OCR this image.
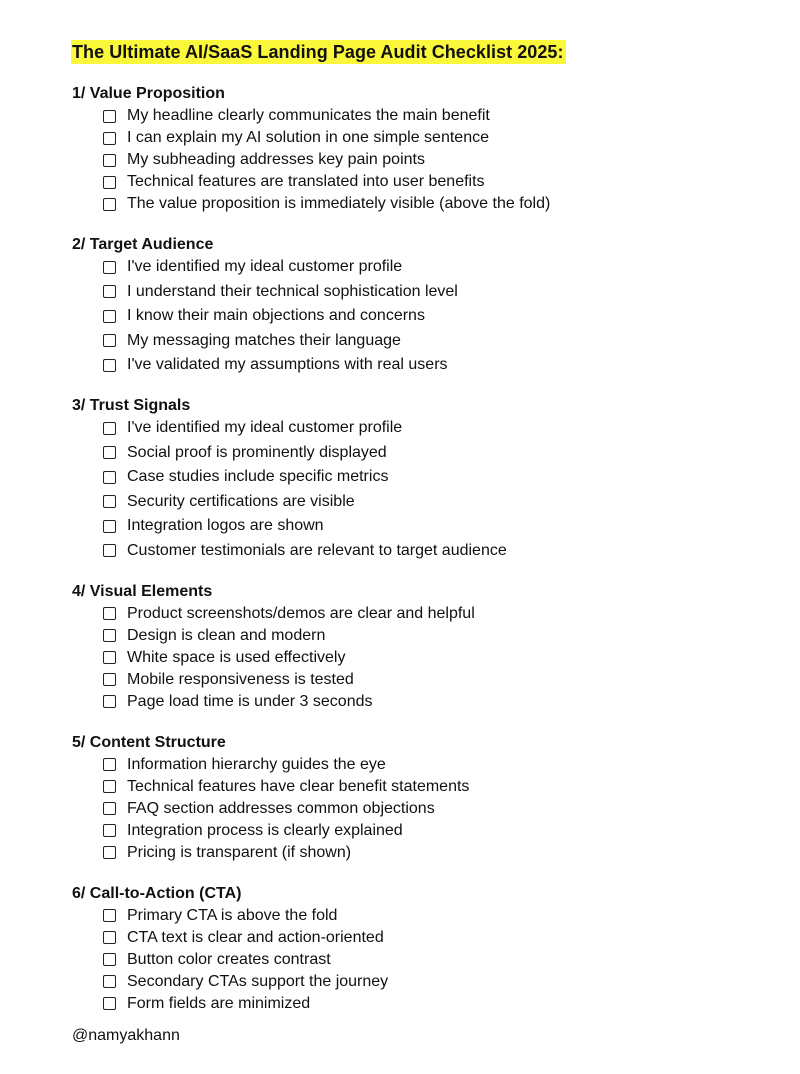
The Ultimate AI/SaaS Landing Page Audit Checklist 2025:
1/ Value Proposition
My headline clearly communicates the main benefit
I can explain my AI solution in one simple sentence
My subheading addresses key pain points
Technical features are translated into user benefits
The value proposition is immediately visible (above the fold)
2/ Target Audience
I've identified my ideal customer profile
I understand their technical sophistication level
I know their main objections and concerns
My messaging matches their language
I've validated my assumptions with real users
3/ Trust Signals
I've identified my ideal customer profile
Social proof is prominently displayed
Case studies include specific metrics
Security certifications are visible
Integration logos are shown
Customer testimonials are relevant to target audience
4/ Visual Elements
Product screenshots/demos are clear and helpful
Design is clean and modern
White space is used effectively
Mobile responsiveness is tested
Page load time is under 3 seconds
5/ Content Structure
Information hierarchy guides the eye
Technical features have clear benefit statements
FAQ section addresses common objections
Integration process is clearly explained
Pricing is transparent (if shown)
6/ Call-to-Action (CTA)
Primary CTA is above the fold
CTA text is clear and action-oriented
Button color creates contrast
Secondary CTAs support the journey
Form fields are minimized
@namyakhann
